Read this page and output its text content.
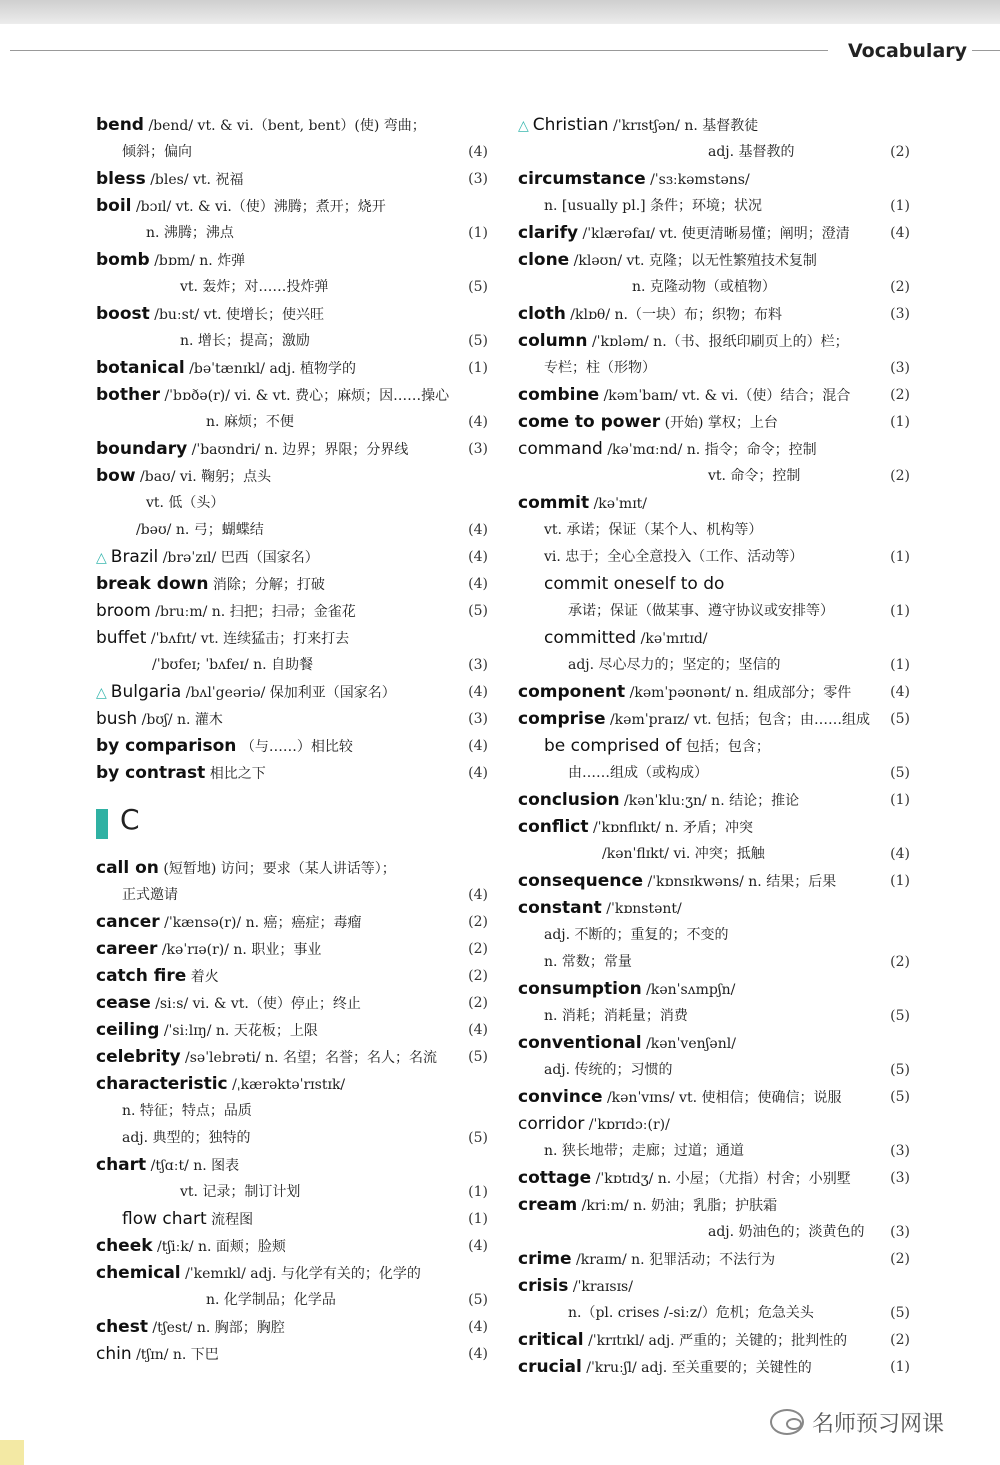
Vocabulary
bend /bend/ vt. & vi.（bent, bent）(使) 弯曲；
倾斜；偏向	(4)
bless /bles/ vt. 祝福	(3)
boil /bɔɪl/ vt. & vi.（使）沸腾；煮开；烧开
n. 沸腾；沸点	(1)
bomb /bɒm/ n. 炸弹
vt. 轰炸；对……投炸弹	(5)
boost /buːst/ vt. 使增长；使兴旺
n. 增长；提高；激励	(5)
botanical /bəˈtænɪkl/ adj. 植物学的	(1)
bother /ˈbɒðə(r)/ vi. & vt. 费心；麻烦；因……操心
n. 麻烦；不便	(4)
boundary /ˈbaʊndri/ n. 边界；界限；分界线	(3)
bow /baʊ/ vi. 鞠躬；点头
vt. 低（头）
/bəʊ/ n. 弓；蝴蝶结	(4)
△ Brazil /brəˈzɪl/ 巴西（国家名）	(4)
break down 消除；分解；打破	(4)
broom /bruːm/ n. 扫把；扫帚；金雀花	(5)
buffet /ˈbʌfɪt/ vt. 连续猛击；打来打去
/ˈbʊfeɪ; ˈbʌfeɪ/ n. 自助餐	(3)
△ Bulgaria /bʌlˈgeəriə/ 保加利亚（国家名）	(4)
bush /bʊʃ/ n. 灌木	(3)
by comparison （与……）相比较	(4)
by contrast 相比之下	(4)
C
call on (短暂地) 访问；要求（某人讲话等）；
正式邀请	(4)
cancer /ˈkænsə(r)/ n. 癌；癌症；毒瘤	(2)
career /kəˈrɪə(r)/ n. 职业；事业	(2)
catch fire 着火	(2)
cease /siːs/ vi. & vt.（使）停止；终止	(2)
ceiling /ˈsiːlɪŋ/ n. 天花板；上限	(4)
celebrity /səˈlebrəti/ n. 名望；名誉；名人；名流	(5)
characteristic /ˌkærəktəˈrɪstɪk/
n. 特征；特点；品质
adj. 典型的；独特的	(5)
chart /tʃɑːt/ n. 图表
vt. 记录；制订计划	(1)
flow chart 流程图	(1)
cheek /tʃiːk/ n. 面颊；脸颊	(4)
chemical /ˈkemɪkl/ adj. 与化学有关的；化学的
n. 化学制品；化学品	(5)
chest /tʃest/ n. 胸部；胸腔	(4)
chin /tʃɪn/ n. 下巴	(4)
△ Christian /ˈkrɪstʃən/ n. 基督教徒
adj. 基督教的	(2)
circumstance /ˈsɜːkəmstəns/
n. [usually pl.] 条件；环境；状况	(1)
clarify /ˈklærəfaɪ/ vt. 使更清晰易懂；阐明；澄清	(4)
clone /kləʊn/ vt. 克隆；以无性繁殖技术复制
n. 克隆动物（或植物）	(2)
cloth /klɒθ/ n.（一块）布；织物；布料	(3)
column /ˈkɒləm/ n.（书、报纸印刷页上的）栏；
专栏；柱（形物）	(3)
combine /kəmˈbaɪn/ vt. & vi.（使）结合；混合	(2)
come to power (开始) 掌权；上台	(1)
command /kəˈmɑːnd/ n. 指令；命令；控制
vt. 命令；控制	(2)
commit /kəˈmɪt/
vt. 承诺；保证（某个人、机构等）
vi. 忠于；全心全意投入（工作、活动等）	(1)
commit oneself to do
承诺；保证（做某事、遵守协议或安排等）	(1)
committed /kəˈmɪtɪd/
adj. 尽心尽力的；坚定的；坚信的	(1)
component /kəmˈpəʊnənt/ n. 组成部分；零件	(4)
comprise /kəmˈpraɪz/ vt. 包括；包含；由……组成	(5)
be comprised of 包括；包含；
由……组成（或构成）	(5)
conclusion /kənˈkluːʒn/ n. 结论；推论	(1)
conflict /ˈkɒnflɪkt/ n. 矛盾；冲突
/kənˈflɪkt/ vi. 冲突；抵触	(4)
consequence /ˈkɒnsɪkwəns/ n. 结果；后果	(1)
constant /ˈkɒnstənt/
adj. 不断的；重复的；不变的
n. 常数；常量	(2)
consumption /kənˈsʌmpʃn/
n. 消耗；消耗量；消费	(5)
conventional /kənˈvenʃənl/
adj. 传统的；习惯的	(5)
convince /kənˈvɪns/ vt. 使相信；使确信；说服	(5)
corridor /ˈkɒrɪdɔː(r)/
n. 狭长地带；走廊；过道；通道	(3)
cottage /ˈkɒtɪdʒ/ n. 小屋；（尤指）村舍；小别墅	(3)
cream /kriːm/ n. 奶油；乳脂；护肤霜
adj. 奶油色的；淡黄色的	(3)
crime /kraɪm/ n. 犯罪活动；不法行为	(2)
crisis /ˈkraɪsɪs/
n.（pl. crises /-siːz/）危机；危急关头	(5)
critical /ˈkrɪtɪkl/ adj. 严重的；关键的；批判性的	(2)
crucial /ˈkruːʃl/ adj. 至关重要的；关键性的	(1)
名师预习网课
